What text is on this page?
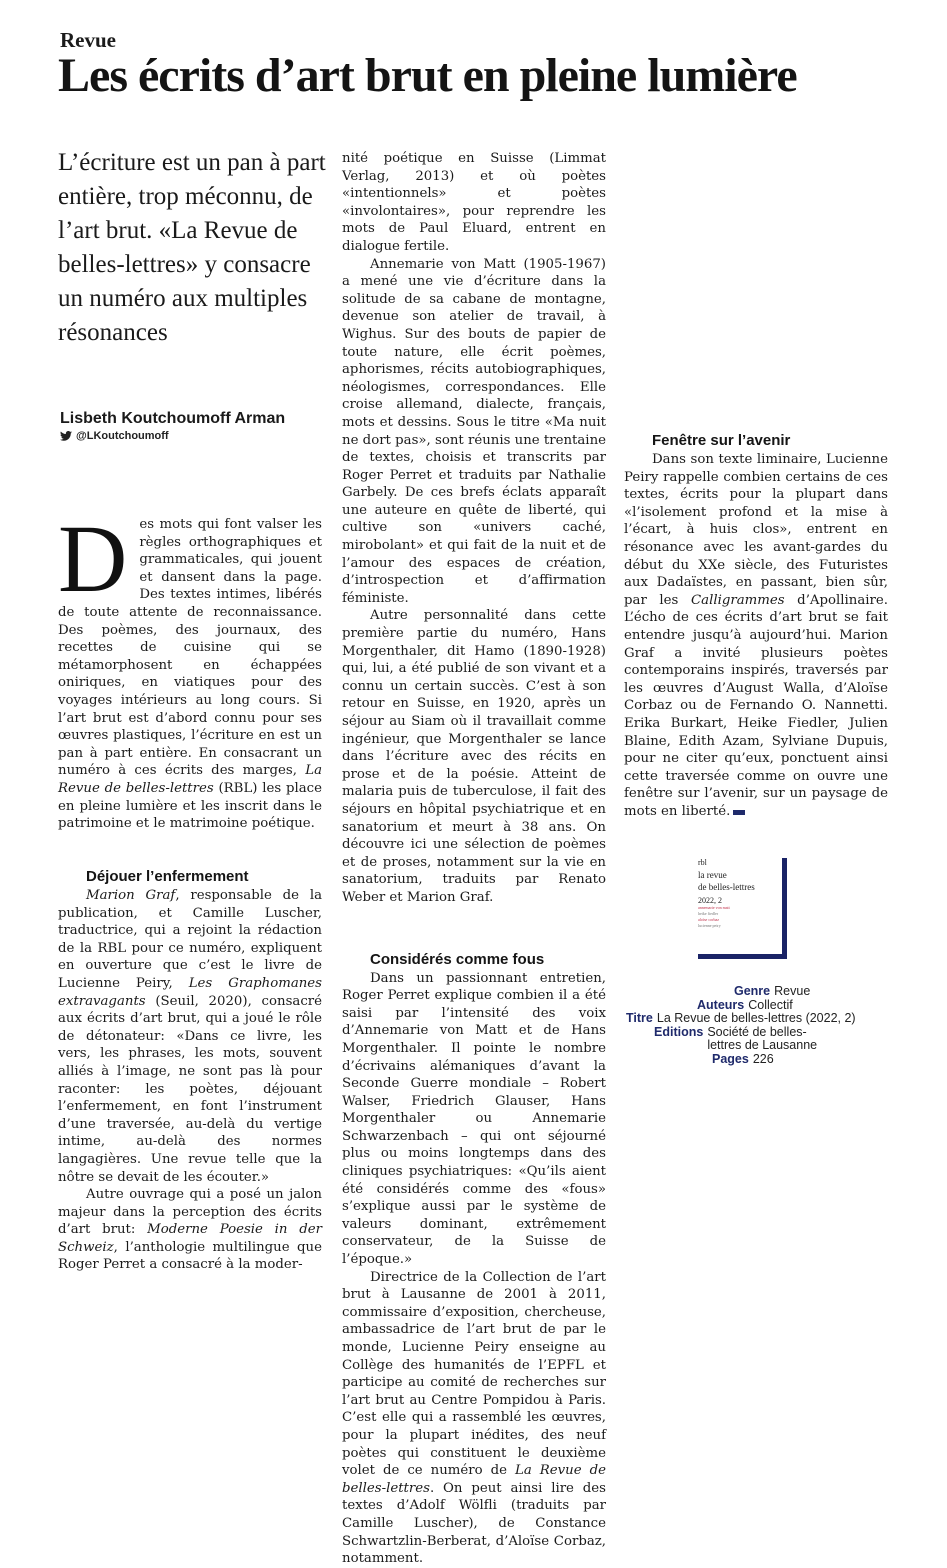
Revue
Les écrits d’art brut en pleine lumière
L’écriture est un pan à part entière, trop méconnu, de l’art brut. «La Revue de belles-lettres» y consacre un numéro aux multiples résonances
Lisbeth Koutchoumoff Arman
@LKoutchoumoff

Des mots qui font valser les règles orthographiques et grammaticales, qui jouent et dansent dans la page. Des textes intimes, libérés de toute attente de reconnaissance. Des poèmes, des journaux, des recettes de cuisine qui se métamorphosent en échappées oniriques, en viatiques pour des voyages intérieurs au long cours. Si l’art brut est d’abord connu pour ses œuvres plastiques, l’écriture en est un pan à part entière. En consacrant un numéro à ces écrits des marges, La Revue de belles-lettres (RBL) les place en pleine lumière et les inscrit dans le patrimoine et le matrimoine poétique.

Déjouer l’enfermement

Marion Graf, responsable de la publication, et Camille Luscher, traductrice, qui a rejoint la rédaction de la RBL pour ce numéro, expliquent en ouverture que c’est le livre de Lucienne Peiry, Les Graphomanes extravagants (Seuil, 2020), consacré aux écrits d’art brut, qui a joué le rôle de détonateur: «Dans ce livre, les vers, les phrases, les mots, souvent alliés à l’image, ne sont pas là pour raconter: les poètes, déjouant l’enfermement, en font l’instrument d’une traversée, au-delà du vertige intime, au-delà des normes langagières. Une revue telle que la nôtre se devait de les écouter.»

Autre ouvrage qui a posé un jalon majeur dans la perception des écrits d’art brut: Moderne Poesie in der Schweiz, l’anthologie multilingue que Roger Perret a consacré à la moder-

nité poétique en Suisse (Limmat Verlag, 2013) et où poètes «intentionnels» et poètes «involontaires», pour reprendre les mots de Paul Eluard, entrent en dialogue fertile.

Annemarie von Matt (1905-1967) a mené une vie d’écriture dans la solitude de sa cabane de montagne, devenue son atelier de travail, à Wighus. Sur des bouts de papier de toute nature, elle écrit poèmes, aphorismes, récits autobiographiques, néologismes, correspondances. Elle croise allemand, dialecte, français, mots et dessins. Sous le titre «Ma nuit ne dort pas», sont réunis une trentaine de textes, choisis et transcrits par Roger Perret et traduits par Nathalie Garbely. De ces brefs éclats apparaît une auteure en quête de liberté, qui cultive son «univers caché, mirobolant» et qui fait de la nuit et de l’amour des espaces de création, d’introspection et d’affirmation féministe.

Autre personnalité dans cette première partie du numéro, Hans Morgenthaler, dit Hamo (1890-1928) qui, lui, a été publié de son vivant et a connu un certain succès. C’est à son retour en Suisse, en 1920, après un séjour au Siam où il travaillait comme ingénieur, que Morgenthaler se lance dans l’écriture avec des récits en prose et de la poésie. Atteint de malaria puis de tuberculose, il fait des séjours en hôpital psychiatrique et en sanatorium et meurt à 38 ans. On découvre ici une sélection de poèmes et de proses, notamment sur la vie en sanatorium, traduits par Renato Weber et Marion Graf.

Considérés comme fous

Dans un passionnant entretien, Roger Perret explique combien il a été saisi par l’intensité des voix d’Annemarie von Matt et de Hans Morgenthaler. Il pointe le nombre d’écrivains alémaniques d’avant la Seconde Guerre mondiale – Robert Walser, Friedrich Glauser, Hans Morgenthaler ou Annemarie Schwarzenbach – qui ont séjourné plus ou moins longtemps dans des cliniques psychiatriques: «Qu’ils aient été considérés comme des «fous» s’explique aussi par le système de valeurs dominant, extrêmement conservateur, de la Suisse de l’époque.»

Directrice de la Collection de l’art brut à Lausanne de 2001 à 2011, commissaire d’exposition, chercheuse, ambassadrice de l’art brut de par le monde, Lucienne Peiry enseigne au Collège des humanités de l’EPFL et participe au comité de recherches sur l’art brut au Centre Pompidou à Paris. C’est elle qui a rassemblé les œuvres, pour la plupart inédites, des neuf poètes qui constituent le deuxième volet de ce numéro de La Revue de belles-lettres. On peut ainsi lire des textes d’Adolf Wölfli (traduits par Camille Luscher), de Constance Schwartzlin-Berberat, d’Aloïse Corbaz, notamment.

Fenêtre sur l’avenir

Dans son texte liminaire, Lucienne Peiry rappelle combien certains de ces textes, écrits pour la plupart dans «l’isolement profond et la mise à l’écart, à huis clos», entrent en résonance avec les avant-gardes du début du XXe siècle, des Futuristes aux Dadaïstes, en passant, bien sûr, par les Calligrammes d’Apollinaire. L’écho de ces écrits d’art brut se fait entendre jusqu’à aujourd’hui. Marion Graf a invité plusieurs poètes contemporains inspirés, traversés par les œuvres d’August Walla, d’Aloïse Corbaz ou de Fernando O. Nannetti. Erika Burkart, Heike Fiedler, Julien Blaine, Edith Azam, Sylviane Dupuis, pour ne citer qu’eux, ponctuent ainsi cette traversée comme on ouvre une fenêtre sur l’avenir, sur un paysage de mots en liberté.

rbl
la revue
de belles-lettres
2022, 2
annemarie von matt
heike fiedler
aloïse corbaz
lucienne peiry
Genre Revue
Auteurs Collectif
Titre La Revue de belles-lettres (2022, 2)
Editions Société de belles-lettres de Lausanne
Pages 226
